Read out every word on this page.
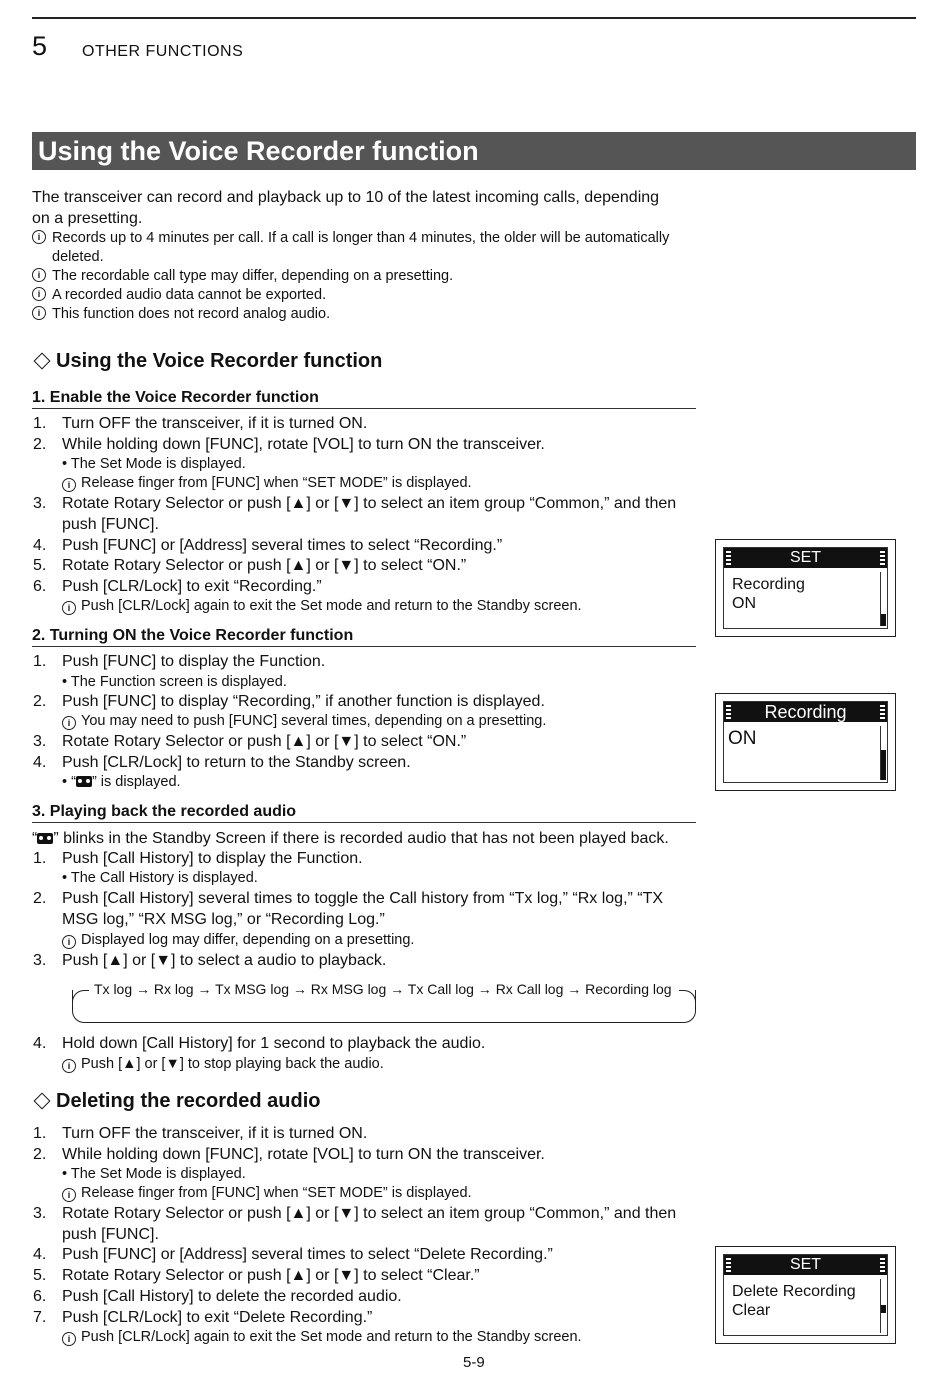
5 OTHER FUNCTIONS
Using the Voice Recorder function
The transceiver can record and playback up to 10 of the latest incoming calls, depending on a presetting.
i Records up to 4 minutes per call. If a call is longer than 4 minutes, the older will be automatically deleted.
i The recordable call type may differ, depending on a presetting.
i A recorded audio data cannot be exported.
i This function does not record analog audio.
Using the Voice Recorder function
1. Enable the Voice Recorder function
1. Turn OFF the transceiver, if it is turned ON.
2. While holding down [FUNC], rotate [VOL] to turn ON the transceiver.
• The Set Mode is displayed.
i Release finger from [FUNC] when “SET MODE” is displayed.
3. Rotate Rotary Selector or push [▲] or [▼] to select an item group “Common,” and then push [FUNC].
4. Push [FUNC] or [Address] several times to select “Recording.”
5. Rotate Rotary Selector or push [▲] or [▼] to select “ON.”
6. Push [CLR/Lock] to exit “Recording.”
i Push [CLR/Lock] again to exit the Set mode and return to the Standby screen.
2. Turning ON the Voice Recorder function
1. Push [FUNC] to display the Function.
• The Function screen is displayed.
2. Push [FUNC] to display “Recording,” if another function is displayed.
i You may need to push [FUNC] several times, depending on a presetting.
3. Rotate Rotary Selector or push [▲] or [▼] to select “ON.”
4. Push [CLR/Lock] to return to the Standby screen.
• “ ” is displayed.
3. Playing back the recorded audio
“ ” blinks in the Standby Screen if there is recorded audio that has not been played back.
1. Push [Call History] to display the Function.
• The Call History is displayed.
2. Push [Call History] several times to toggle the Call history from “Tx log,” “Rx log,” “TX MSG log,” “RX MSG log,” or “Recording Log.”
i Displayed log may differ, depending on a presetting.
3. Push [▲] or [▼] to select a audio to playback.
Tx log → Rx log → Tx MSG log → Rx MSG log → Tx Call log → Rx Call log → Recording log
4. Hold down [Call History] for 1 second to playback the audio.
i Push [▲] or [▼] to stop playing back the audio.
Deleting the recorded audio
1. Turn OFF the transceiver, if it is turned ON.
2. While holding down [FUNC], rotate [VOL] to turn ON the transceiver.
• The Set Mode is displayed.
i Release finger from [FUNC] when “SET MODE” is displayed.
3. Rotate Rotary Selector or push [▲] or [▼] to select an item group “Common,” and then push [FUNC].
4. Push [FUNC] or [Address] several times to select “Delete Recording.”
5. Rotate Rotary Selector or push [▲] or [▼] to select “Clear.”
6. Push [Call History] to delete the recorded audio.
7. Push [CLR/Lock] to exit “Delete Recording.”
i Push [CLR/Lock] again to exit the Set mode and return to the Standby screen.
SET
Recording
ON
Recording
ON
SET
Delete Recording
Clear
5-9
